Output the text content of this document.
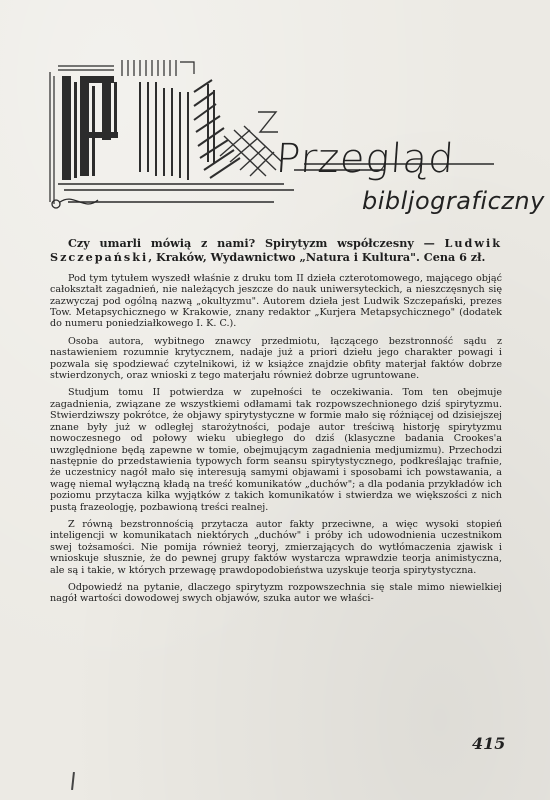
Przegląd
bibljograficzny

Czy umarli mówią z nami? Spirytyzm współczesny — Ludwik Szczepański, Kraków, Wydawnictwo „Natura i Kultura". Cena 6 zł.

Pod tym tytułem wyszedł właśnie z druku tom II dzieła czterotomowego, mającego objąć całokształt zagadnień, nie należących jeszcze do nauk uniwersyteckich, a nieszczęsnych się zazwyczaj pod ogólną nazwą „okultyzmu". Autorem dzieła jest Ludwik Szczepański, prezes Tow. Metapsychicznego w Krakowie, znany redaktor „Kurjera Metapsychicznego" (dodatek do numeru poniedziałkowego I. K. C.).

Osoba autora, wybitnego znawcy przedmiotu, łączącego bezstronność sądu z nastawieniem rozumnie krytycznem, nadaje już a priori dziełu jego charakter powagi i pozwala się spodziewać czytelnikowi, iż w książce znajdzie obfity materjał faktów dobrze stwierdzonych, oraz wnioski z tego materjału również dobrze ugruntowane.

Studjum tomu II potwierdza w zupełności te oczekiwania. Tom ten obejmuje zagadnienia, związane ze wszystkiemi odłamami tak rozpowszechnionego dziś spirytyzmu. Stwierdziwszy pokrótce, że objawy spirytystyczne w formie mało się różniącej od dzisiejszej znane były już w odległej starożytności, podaje autor treściwą historję spirytyzmu nowoczesnego od połowy wieku ubiegłego do dziś (klasyczne badania Crookes'a uwzględnione będą zapewne w tomie, obejmującym zagadnienia medjumizmu). Przechodzi następnie do przedstawienia typowych form seansu spirytystycznego, podkreślając trafnie, że uczestnicy nagół mało się interesują samymi objawami i sposobami ich powstawania, a wagę niemal wyłączną kładą na treść komunikatów „duchów"; a dla podania przykładów ich poziomu przytacza kilka wyjątków z takich komunikatów i stwierdza we większości z nich pustą frazeologję, pozbawioną treści realnej.

Z równą bezstronnością przytacza autor fakty przeciwne, a więc wysoki stopień inteligencji w komunikatach niektórych „duchów" i próby ich udowodnienia uczestnikom swej tożsamości. Nie pomija również teoryj, zmierzających do wytłómaczenia zjawisk i wnioskuje słusznie, że do pewnej grupy faktów wystarcza wprawdzie teorja animistyczna, ale są i takie, w których przewagę prawdopodobieństwa uzyskuje teorja spirytystyczna.

Odpowiedź na pytanie, dlaczego spirytyzm rozpowszechnia się stale mimo niewielkiej nagół wartości dowodowej swych objawów, szuka autor we właści-

415
